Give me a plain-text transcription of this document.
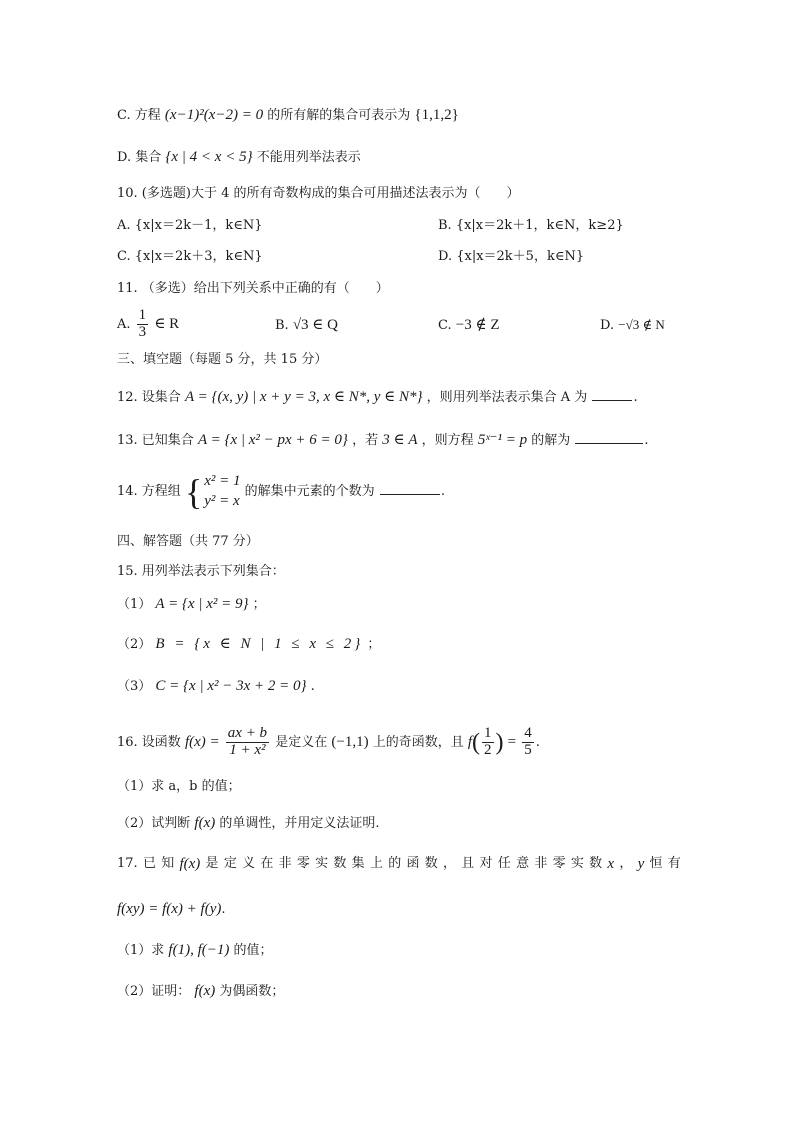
C. 方程 (x−1)²(x−2) = 0 的所有解的集合可表示为 {1,1,2}
D. 集合 {x | 4 < x < 5} 不能用列举法表示
10. (多选题)大于 4 的所有奇数构成的集合可用描述法表示为（　　）
A. {x|x＝2k－1，k∈N}	B. {x|x＝2k＋1，k∈N，k≥2}
C. {x|x＝2k＋3，k∈N}	D. {x|x＝2k＋5，k∈N}
11. （多选）给出下列关系中正确的有（　　）
A. $\frac{1}{3}$ ∈ R	B. √3 ∈ Q	C. −3 ∉ Z	D. −√3 ∉ N
三、填空题（每题 5 分，共 15 分）
12. 设集合 A = {(x, y) | x + y = 3, x ∈ N*, y ∈ N*} ，则用列举法表示集合 A 为	.
13. 已知集合 A = {x | x² − px + 6 = 0} ，若 3 ∈ A ，则方程 5ˣ⁻¹ = p 的解为	.
14. 方程组 { x² = 1
y² = x
的解集中元素的个数为	.
四、解答题（共 77 分）
15. 用列举法表示下列集合：
（1） A = {x | x² = 9} ；
（2） B = {x ∈ N | 1 ≤ x ≤ 2} ；
（3） C = {x | x² − 3x + 2 = 0} .
16. 设函数 $f(x) = \frac{ax + b}{\text{1 + x²}}$ 是定义在 (−1,1) 上的奇函数，且 $f( \frac{1}{2}$ ) = $\frac{4}{5}$ .
（1）求 a，b 的值；
（2）试判断 f(x) 的单调性，并用定义法证明.
17. 已 知 f(x) 是 定 义 在 非 零 实 数 集 上 的 函 数 ， 且 对 任 意 非 零 实 数 x ， y 恒 有
f(xy) = f(x) + f(y).
（1）求 f(1), f(−1) 的值；
（2）证明： f(x) 为偶函数；
